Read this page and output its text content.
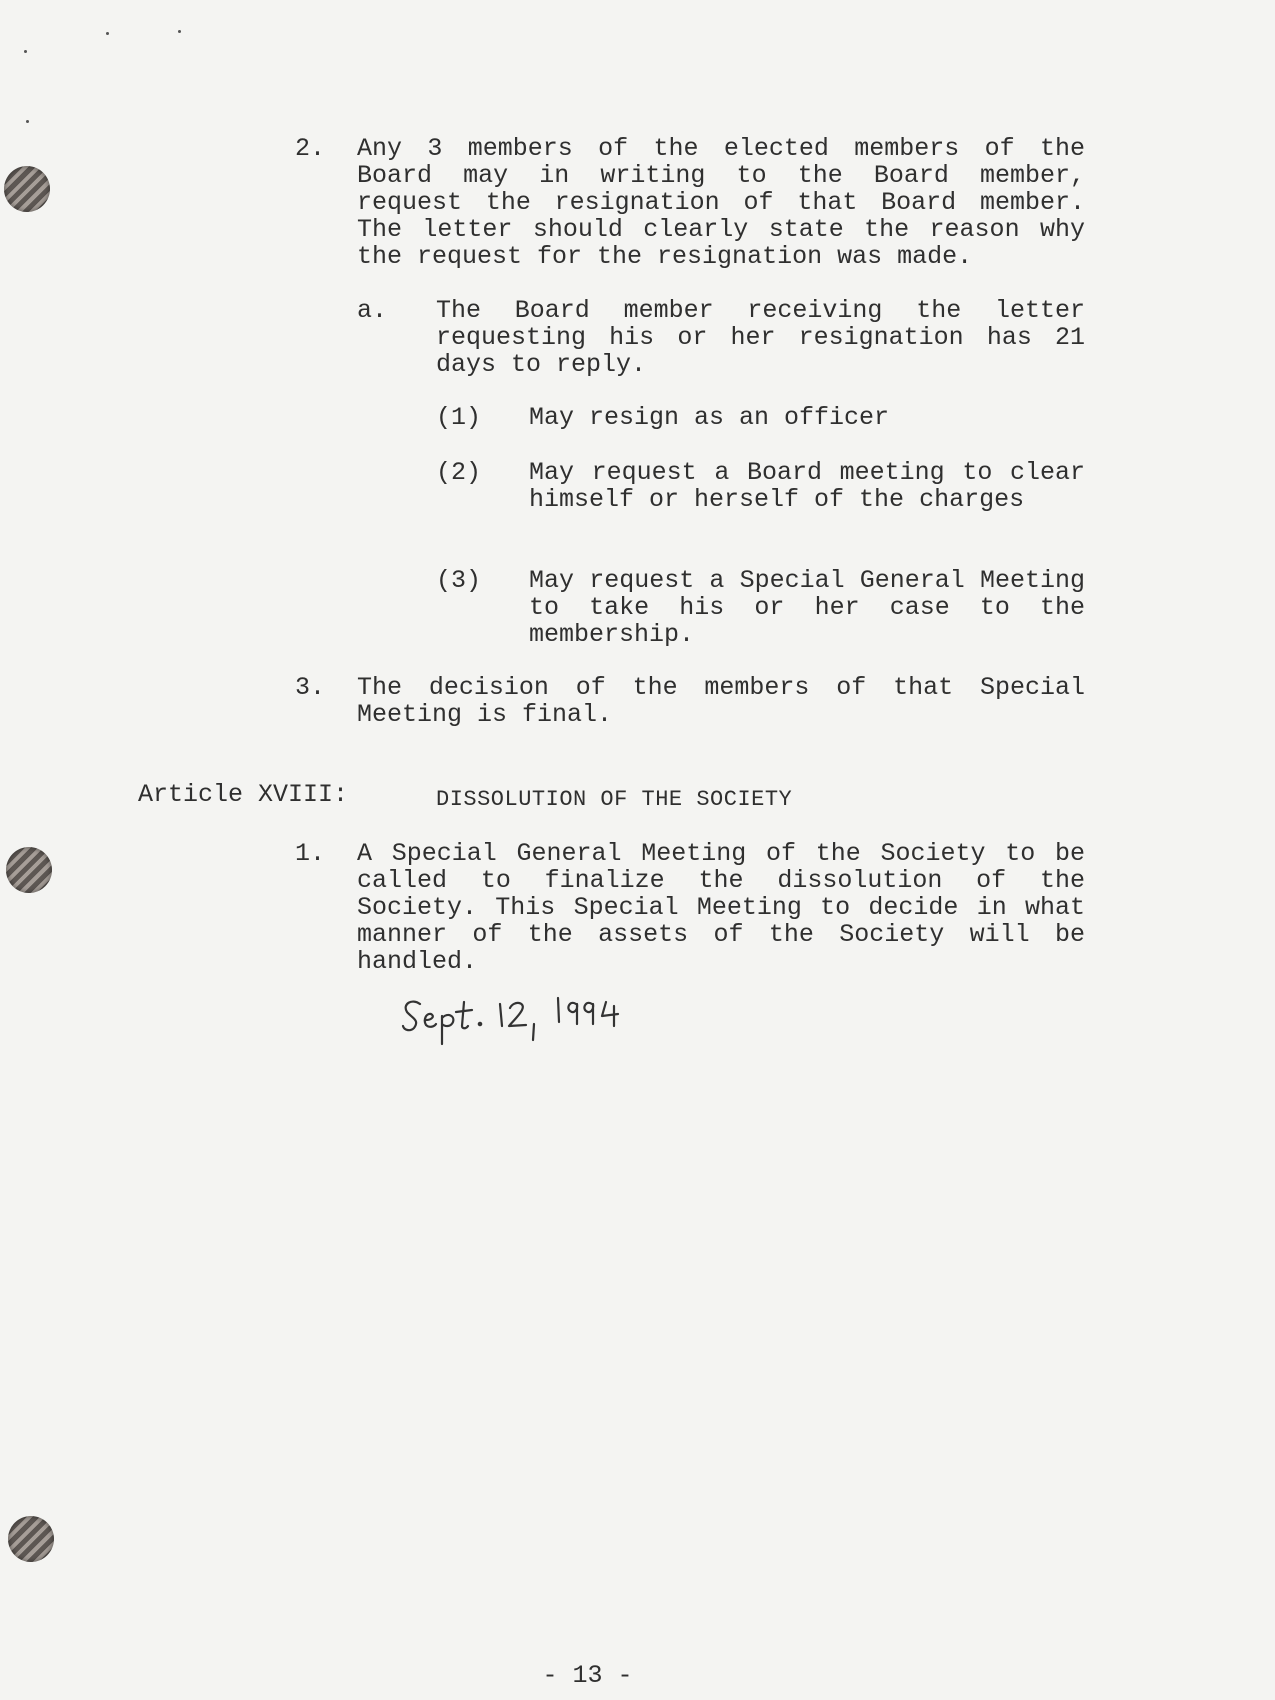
2. Any 3 members of the elected members of the Board may in writing to the Board member, request the resignation of that Board member. The letter should clearly state the reason why the request for the resignation was made.

a. The Board member receiving the letter requesting his or her resignation has 21 days to reply.

(1) May resign as an officer

(2) May request a Board meeting to clear himself or herself of the charges

(3) May request a Special General Meeting to take his or her case to the membership.

3. The decision of the members of that Special Meeting is final.

Article XVIII:	DISSOLUTION OF THE SOCIETY

1. A Special General Meeting of the Society to be called to finalize the dissolution of the Society. This Special Meeting to decide in what manner of the assets of the Society will be handled.

- 13 -
